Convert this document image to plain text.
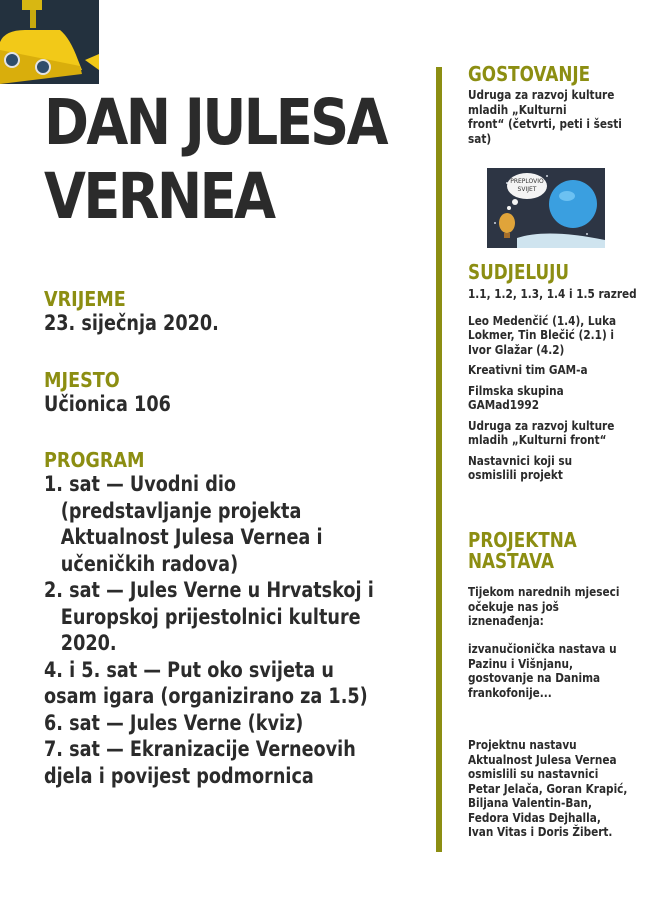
DAN JULESA
VERNEA
VRIJEME
23. siječnja 2020.
MJESTO
Učionica 106
PROGRAM
1. sat — Uvodni dio
(predstavljanje projekta
Aktualnost Julesa Vernea i
učeničkih radova)
2. sat — Jules Verne u Hrvatskoj i
Europskoj prijestolnici kulture
2020.
4. i 5. sat — Put oko svijeta u
osam igara (organizirano za 1.5)
6. sat — Jules Verne (kviz)
7. sat — Ekranizacije Verneovih
djela i povijest podmornica
GOSTOVANJE
Udruga za razvoj kulture
mladih „Kulturni
front“ (četvrti, peti i šesti
sat)
SUDJELUJU
1.1, 1.2, 1.3, 1.4 i 1.5 razred
Leo Medenčić (1.4), Luka
Lokmer, Tin Blečić (2.1) i
Ivor Glažar (4.2)
Kreativni tim GAM-a
Filmska skupina
GAMad1992
Udruga za razvoj kulture
mladih „Kulturni front“
Nastavnici koji su
osmislili projekt
PROJEKTNA
NASTAVA
Tijekom narednih mjeseci
očekuje nas još
iznenađenja:
izvanučionička nastava u
Pazinu i Višnjanu,
gostovanje na Danima
frankofonije...
Projektnu nastavu
Aktualnost Julesa Vernea
osmislili su nastavnici
Petar Jelača, Goran Krapić,
Biljana Valentin-Ban,
Fedora Vidas Dejhalla,
Ivan Vitas i Doris Žibert.
PREPLOVIO
SVIJET
